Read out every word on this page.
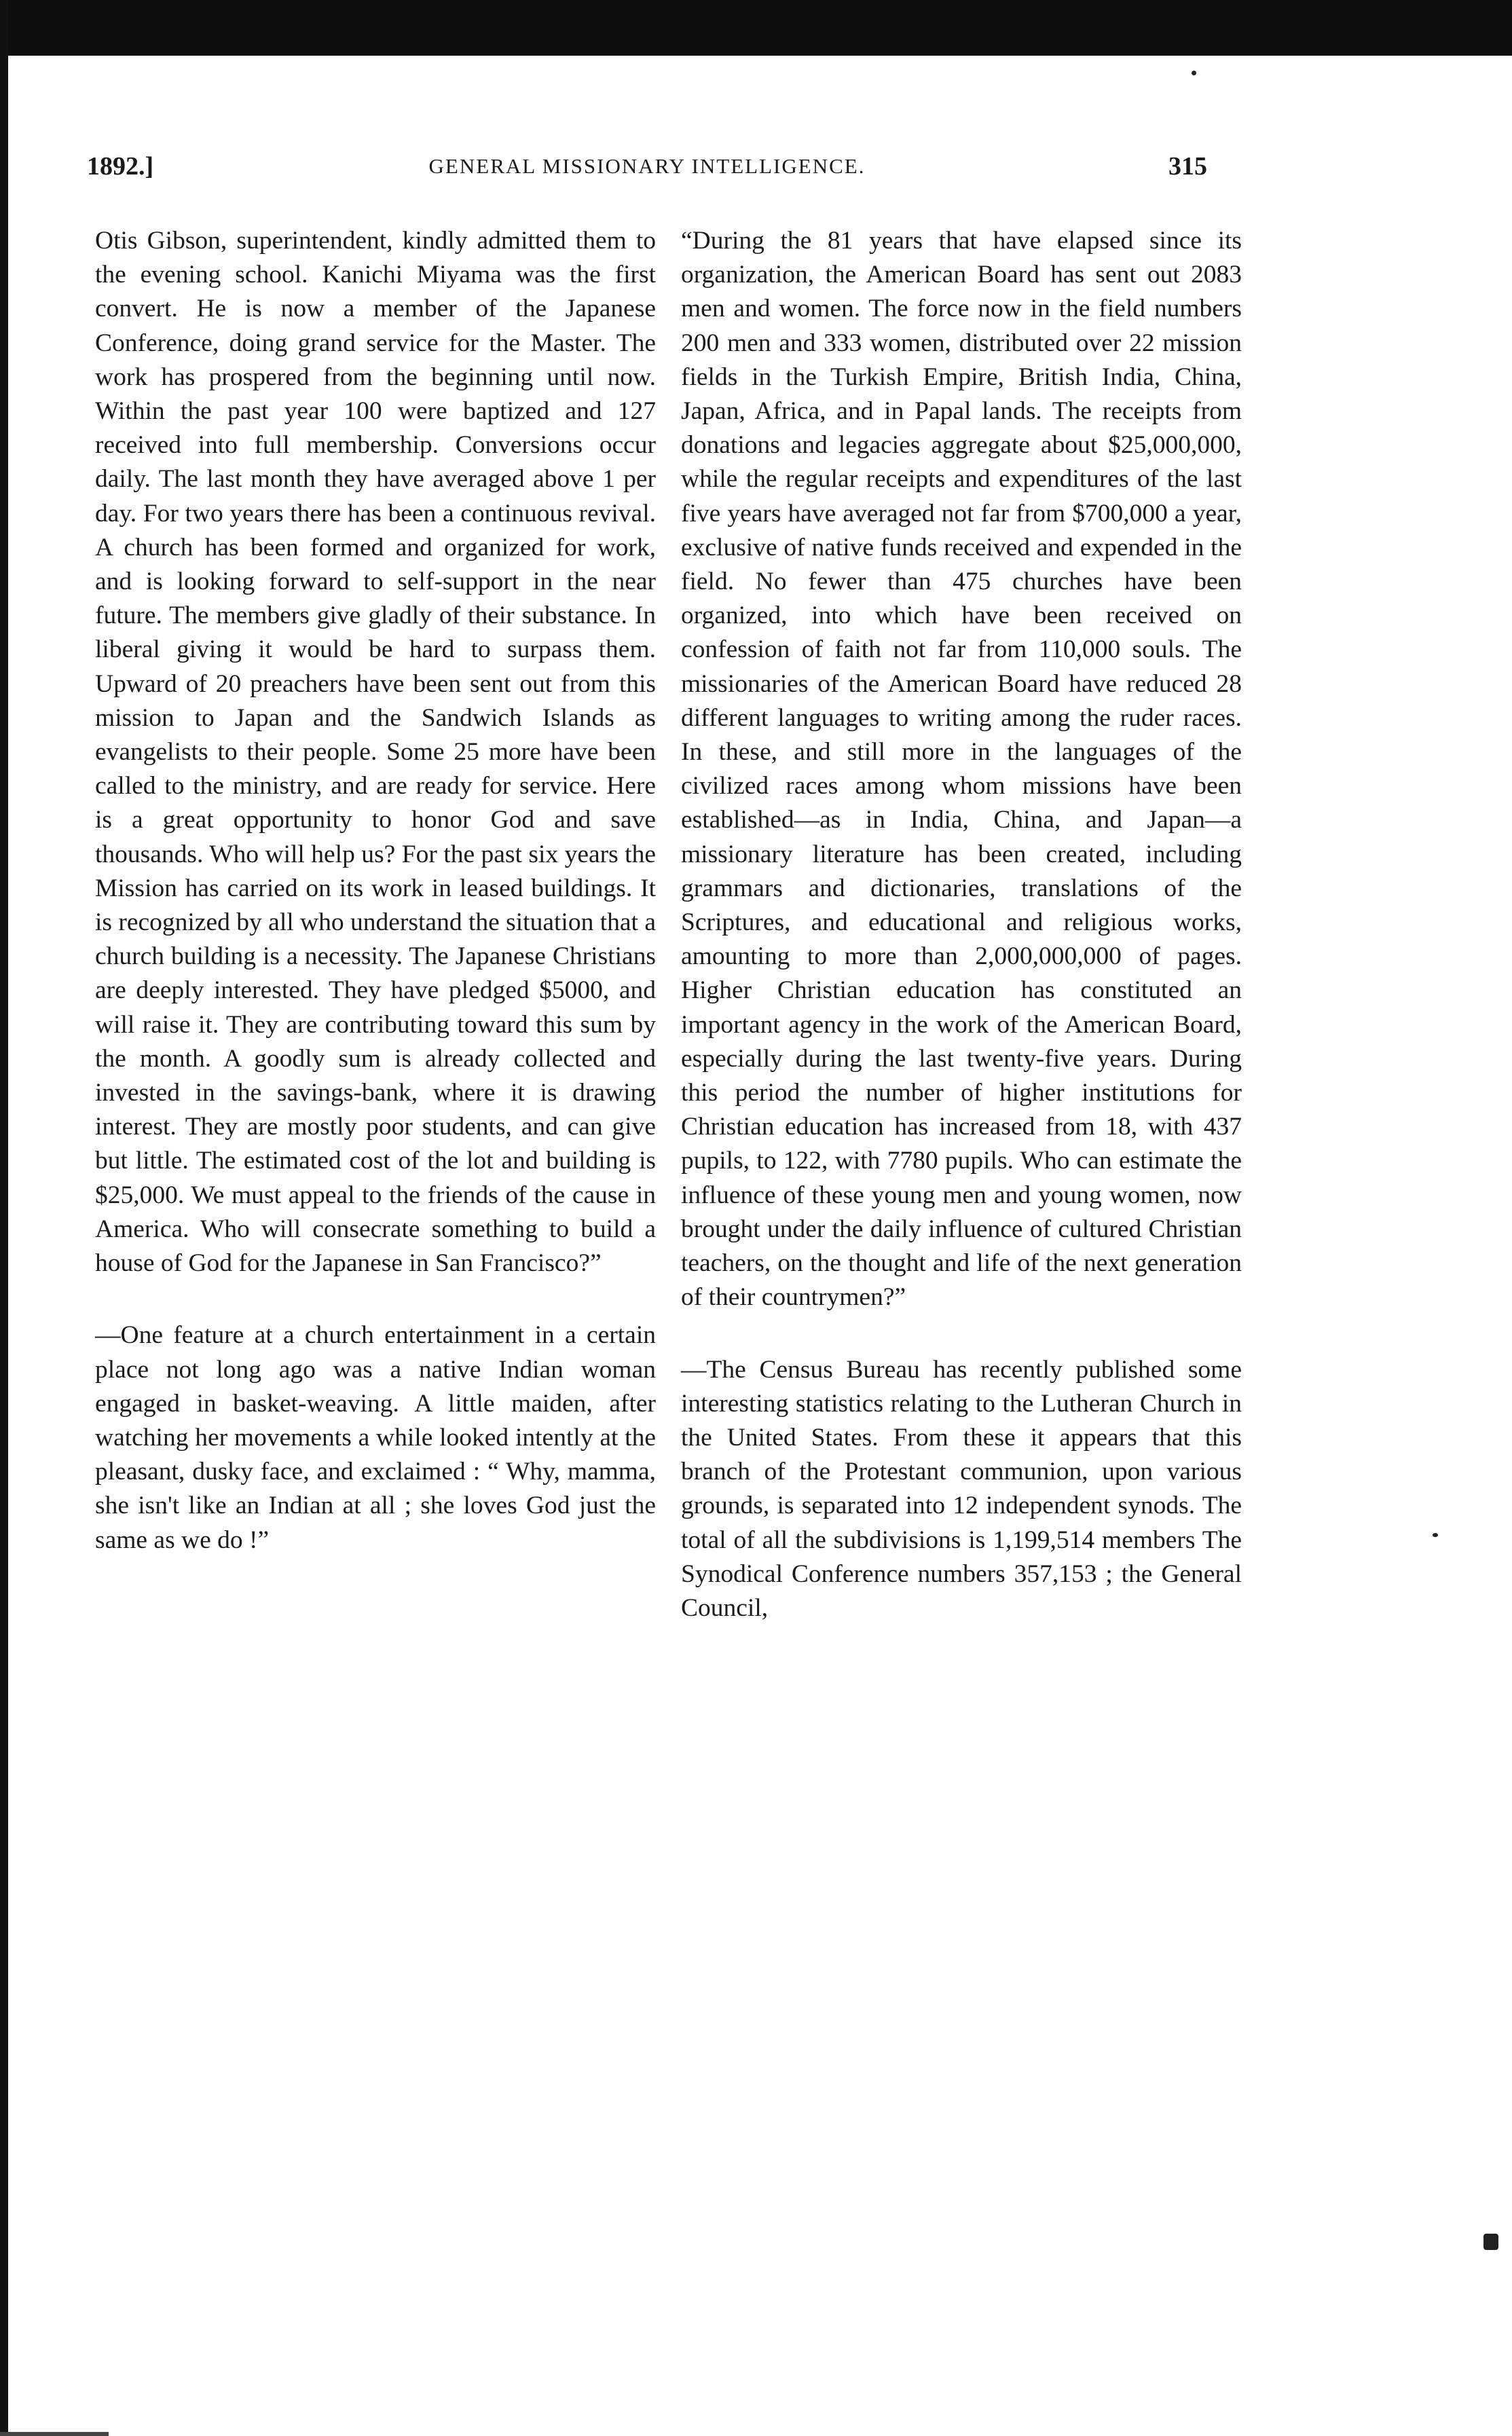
1892.]	GENERAL MISSIONARY INTELLIGENCE.	315

Otis Gibson, superintendent, kindly admitted them to the evening school. Kanichi Miyama was the first convert. He is now a member of the Japanese Conference, doing grand service for the Master. The work has prospered from the beginning until now. Within the past year 100 were baptized and 127 received into full membership. Conversions occur daily. The last month they have averaged above 1 per day. For two years there has been a continuous revival. A church has been formed and organized for work, and is looking forward to self-support in the near future. The members give gladly of their substance. In liberal giving it would be hard to surpass them. Upward of 20 preachers have been sent out from this mission to Japan and the Sandwich Islands as evangelists to their people. Some 25 more have been called to the ministry, and are ready for service. Here is a great opportunity to honor God and save thousands. Who will help us? For the past six years the Mission has carried on its work in leased buildings. It is recognized by all who understand the situation that a church building is a necessity. The Japanese Christians are deeply interested. They have pledged $5000, and will raise it. They are contributing toward this sum by the month. A goodly sum is already collected and invested in the savings-bank, where it is drawing interest. They are mostly poor students, and can give but little. The estimated cost of the lot and building is $25,000. We must appeal to the friends of the cause in America. Who will consecrate something to build a house of God for the Japanese in San Francisco?”

—One feature at a church entertainment in a certain place not long ago was a native Indian woman engaged in basket-weaving. A little maiden, after watching her movements a while looked intently at the pleasant, dusky face, and exclaimed : “ Why, mamma, she isn't like an Indian at all ; she loves God just the same as we do !”

“During the 81 years that have elapsed since its organization, the American Board has sent out 2083 men and women. The force now in the field numbers 200 men and 333 women, distributed over 22 mission fields in the Turkish Empire, British India, China, Japan, Africa, and in Papal lands. The receipts from donations and legacies aggregate about $25,000,000, while the regular receipts and expenditures of the last five years have averaged not far from $700,000 a year, exclusive of native funds received and expended in the field. No fewer than 475 churches have been organized, into which have been received on confession of faith not far from 110,000 souls. The missionaries of the American Board have reduced 28 different languages to writing among the ruder races. In these, and still more in the languages of the civilized races among whom missions have been established—as in India, China, and Japan—a missionary literature has been created, including grammars and dictionaries, translations of the Scriptures, and educational and religious works, amounting to more than 2,000,000,000 of pages. Higher Christian education has constituted an important agency in the work of the American Board, especially during the last twenty-five years. During this period the number of higher institutions for Christian education has increased from 18, with 437 pupils, to 122, with 7780 pupils. Who can estimate the influence of these young men and young women, now brought under the daily influence of cultured Christian teachers, on the thought and life of the next generation of their countrymen?”

—The Census Bureau has recently published some interesting statistics relating to the Lutheran Church in the United States. From these it appears that this branch of the Protestant communion, upon various grounds, is separated into 12 independent synods. The total of all the subdivisions is 1,199,514 members The Synodical Conference numbers 357,153 ; the General Council,
